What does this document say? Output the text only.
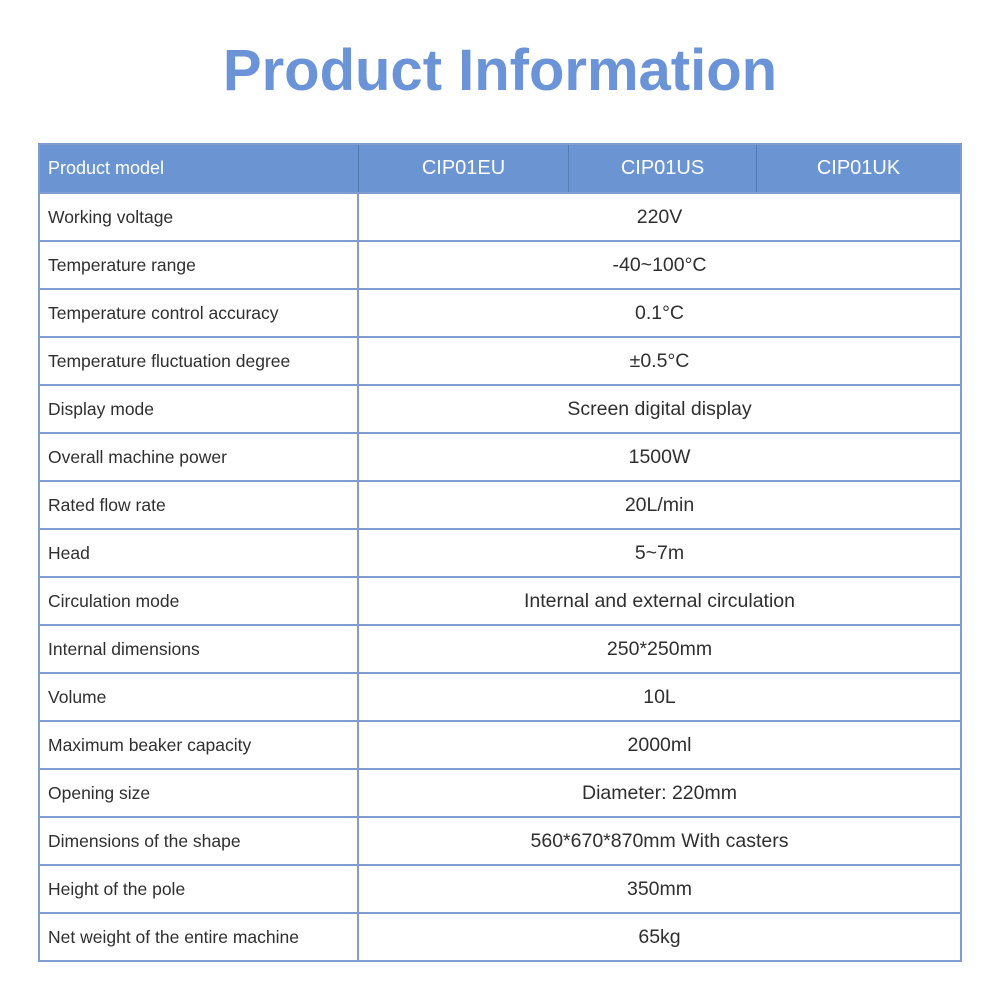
Product Information
Product model	CIP01EU	CIP01US	CIP01UK
Working voltage	220V
Temperature range	-40~100°C
Temperature control accuracy	0.1°C
Temperature fluctuation degree	±0.5°C
Display mode	Screen digital display
Overall machine power	1500W
Rated flow rate	20L/min
Head	5~7m
Circulation mode	Internal and external circulation
Internal dimensions	250*250mm
Volume	10L
Maximum beaker capacity	2000ml
Opening size	Diameter: 220mm
Dimensions of the shape	560*670*870mm With casters
Height of the pole	350mm
Net weight of the entire machine	65kg
